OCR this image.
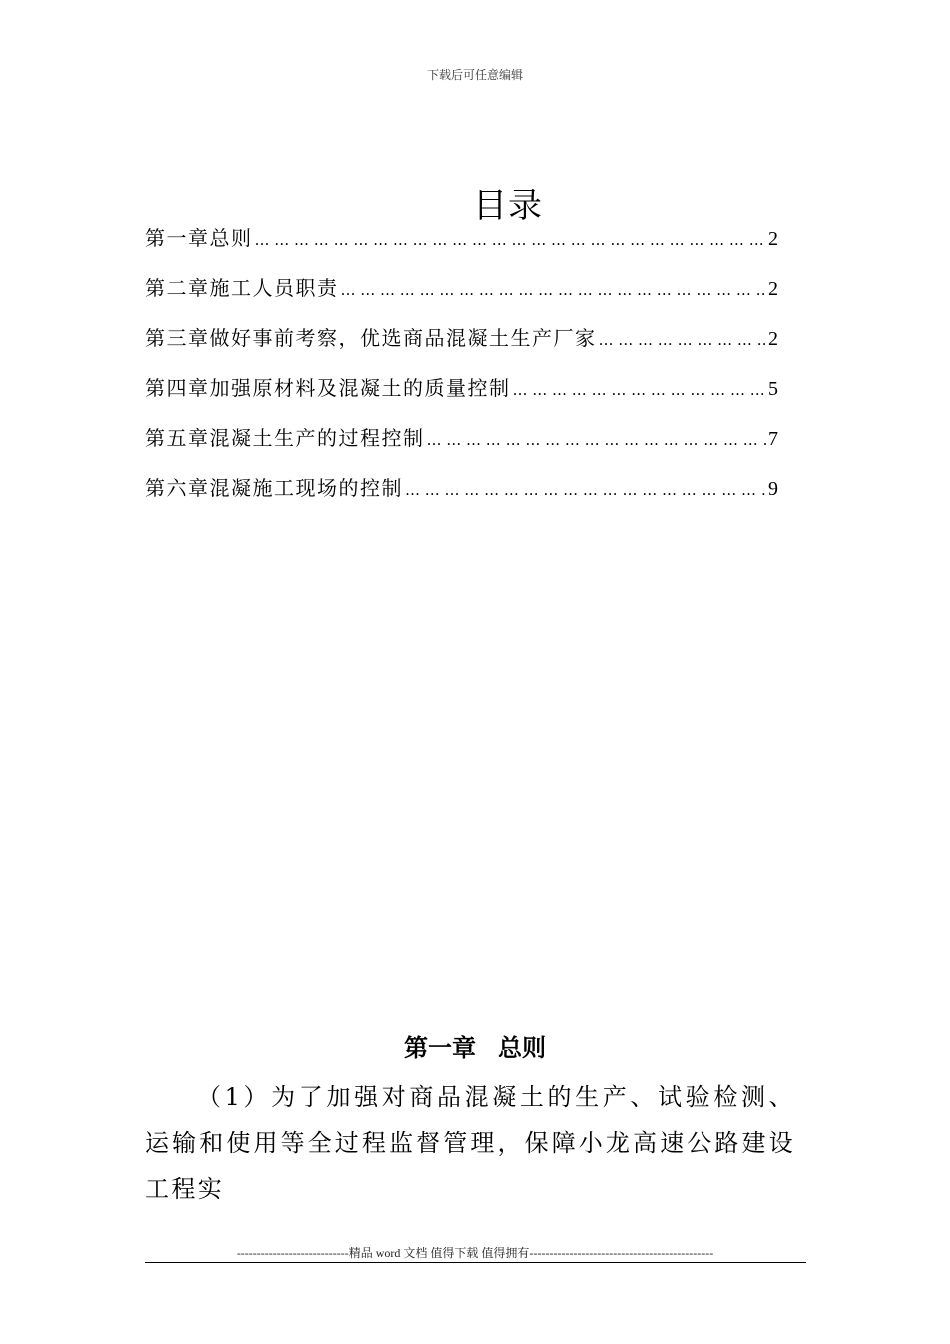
下载后可任意编辑
目录
第一章总则 … … … … … … … … … … … … … … … … … … … … … … … … … … … … … … … … … … … … … … … … … …	2
第二章施工人员职责 … … … … … … … … … … … … … … … … … … … … … … … … … … … … … … … … … … … … … … … … … …	2
第三章做好事前考察，优选商品混凝土生产厂家 … … … … … … … … … … … … … … … … … … … … … … … … … … … … … … … … … … … … … … … … … …	2
第四章加强原材料及混凝土的质量控制 … … … … … … … … … … … … … … … … … … … … … … … … … … … … … … … … … … … … … … … … … …	5
第五章混凝土生产的过程控制 … … … … … … … … … … … … … … … … … … … … … … … … … … … … … … … … … … … … … … … … … …	7
第六章混凝施工现场的控制 … … … … … … … … … … … … … … … … … … … … … … … … … … … … … … … … … … … … … … … … … …	9
第一章 总则
（1）为了加强对商品混凝土的生产、试验检测、运输和使用等全过程监督管理，保障小龙高速公路建设工程实
----------------------------精品 word 文档 值得下载 值得拥有----------------------------------------------
